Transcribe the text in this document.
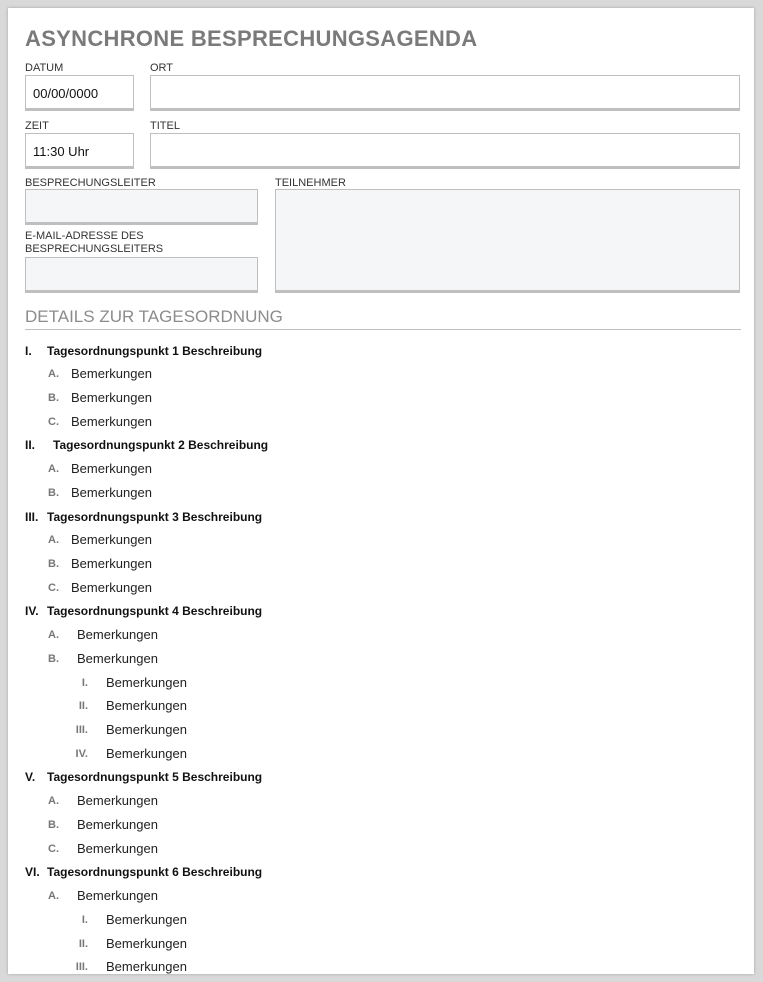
ASYNCHRONE BESPRECHUNGSAGENDA
DATUM
00/00/0000
ORT
ZEIT
11:30 Uhr
TITEL
BESPRECHUNGSLEITER
E-MAIL-ADRESSE DES
BESPRECHUNGSLEITERS
TEILNEHMER
DETAILS ZUR TAGESORDNUNG
I. Tagesordnungspunkt 1 Beschreibung
A. Bemerkungen
B. Bemerkungen
C. Bemerkungen
II. Tagesordnungspunkt 2 Beschreibung
A. Bemerkungen
B. Bemerkungen
III. Tagesordnungspunkt 3 Beschreibung
A. Bemerkungen
B. Bemerkungen
C. Bemerkungen
IV. Tagesordnungspunkt 4 Beschreibung
A. Bemerkungen
B. Bemerkungen
I. Bemerkungen
II. Bemerkungen
III. Bemerkungen
IV. Bemerkungen
V. Tagesordnungspunkt 5 Beschreibung
A. Bemerkungen
B. Bemerkungen
C. Bemerkungen
VI. Tagesordnungspunkt 6 Beschreibung
A. Bemerkungen
I. Bemerkungen
II. Bemerkungen
III. Bemerkungen
